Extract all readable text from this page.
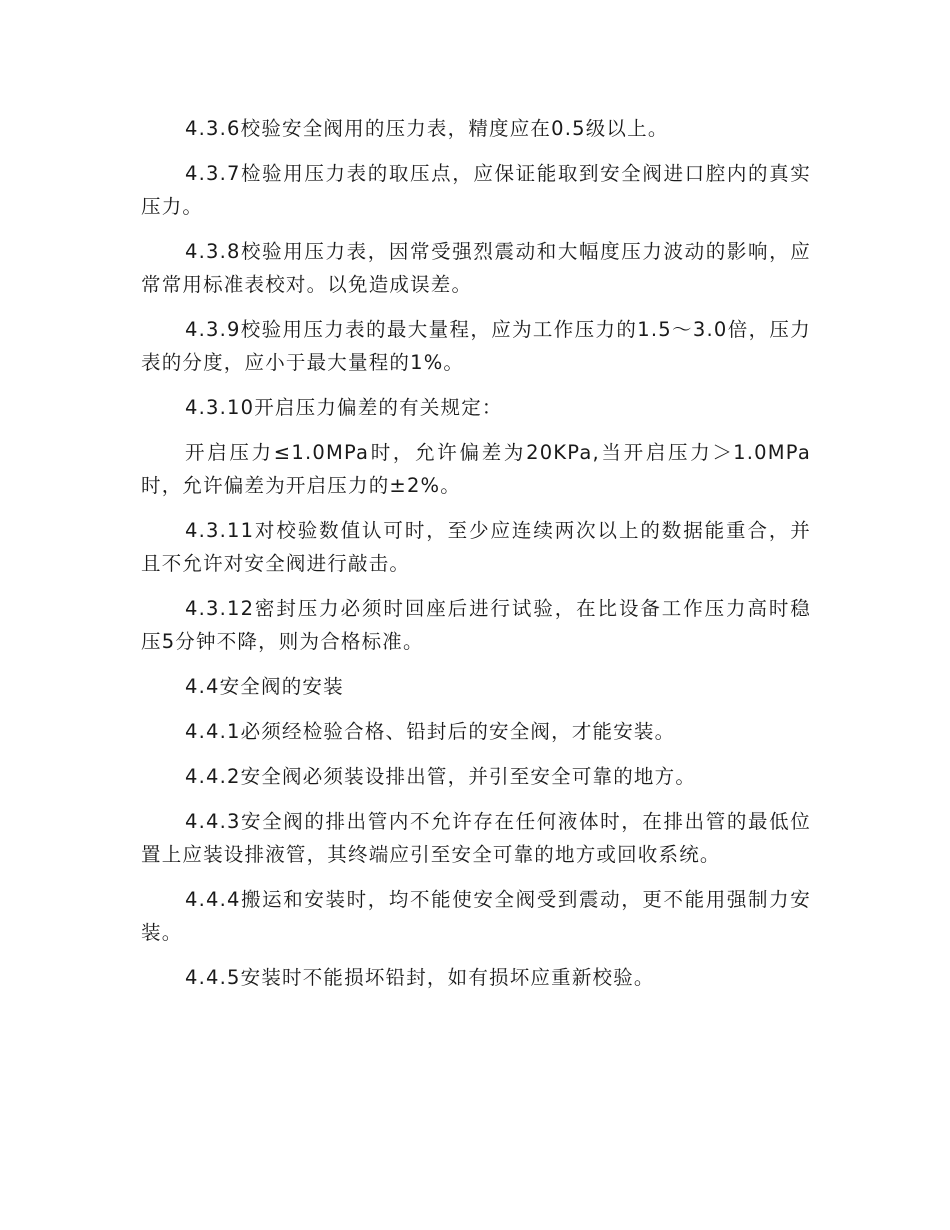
4.3.6校验安全阀用的压力表，精度应在0.5级以上。

4.3.7检验用压力表的取压点，应保证能取到安全阀进口腔内的真实压力。

4.3.8校验用压力表，因常受强烈震动和大幅度压力波动的影响，应常常用标准表校对。以免造成误差。

4.3.9校验用压力表的最大量程，应为工作压力的1.5～3.0倍，压力表的分度，应小于最大量程的1%。

4.3.10开启压力偏差的有关规定：

开启压力≤1.0MPa时，允许偏差为20KPa,当开启压力＞1.0MPa时，允许偏差为开启压力的±2%。

4.3.11对校验数值认可时，至少应连续两次以上的数据能重合，并且不允许对安全阀进行敲击。

4.3.12密封压力必须时回座后进行试验，在比设备工作压力高时稳压5分钟不降，则为合格标准。

4.4安全阀的安装

4.4.1必须经检验合格、铅封后的安全阀，才能安装。

4.4.2安全阀必须装设排出管，并引至安全可靠的地方。

4.4.3安全阀的排出管内不允许存在任何液体时，在排出管的最低位置上应装设排液管，其终端应引至安全可靠的地方或回收系统。

4.4.4搬运和安装时，均不能使安全阀受到震动，更不能用强制力安装。

4.4.5安装时不能损坏铅封，如有损坏应重新校验。
